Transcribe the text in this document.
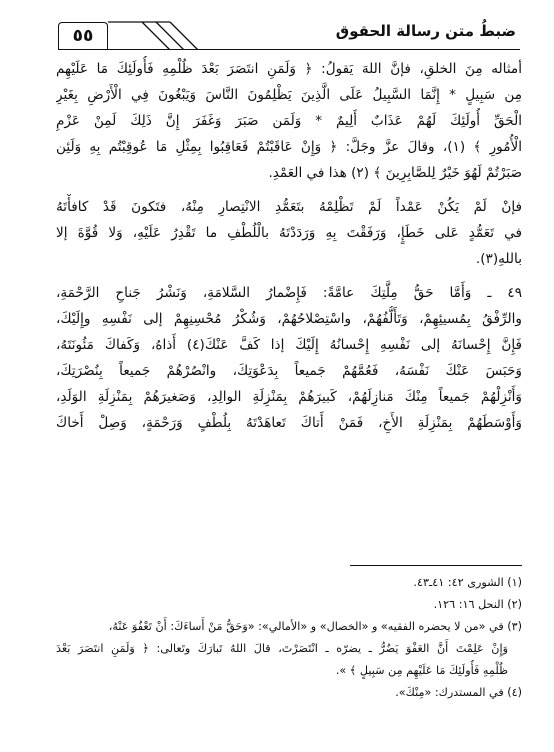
٥٥	ضبطُ متن رسالة الحقوق
أمثاله مِنَ الخلقِ، فإنَّ اللهَ يَقولُ: ﴿ وَلَمَنِ انتَصَرَ بَعْدَ ظُلْمِهِ فَأُولَئِكَ مَا عَلَيْهِم
مِن سَبِيلٍ * إِنَّمَا السَّبِيلُ عَلَى الَّذِينَ يَظْلِمُونَ النَّاسَ وَيَبْغُونَ فِي الْأَرْضِ بِغَيْرِ
الْحَقِّ أُولَئِكَ لَهُمْ عَذَابٌ أَلِيمٌ * وَلَمَن صَبَرَ وَغَفَرَ إِنَّ ذَلِكَ لَمِنْ عَزْمِ
الْأُمُورِ ﴾ (١)، وقالَ عزَّ وجَلَّ: ﴿ وَإِنْ عَاقَبْتُمْ فَعَاقِبُوا بِمِثْلِ مَا عُوقِبْتُم بِهِ وَلَئِن
صَبَرْتُمْ لَهُوَ خَيْرٌ لِلصَّابِرِينَ ﴾ (٢) هذا في العَمْدِ.
فإنْ لَمْ يَكُنْ عَمْداً لَمْ تَظْلِمْهُ بتَعَمُّدِ الانْتِصارِ مِنْهُ، فتَكونَ قَدْ كافأْتَهُ
في تَعَمُّدٍ عَلى خَطَإٍ، وَرَفَقْتَ بِهِ وَرَدَدْتَهُ بالْلُطْفِ ما تَقْدِرُ عَلَيْهِ، وَلا قُوَّةَ إلا
باللهِ(٣).
٤٩ ـ وَأَمَّا حَقُّ مِلَّتِكَ عامَّةً: فَإِضْمارُ السَّلامَةِ، وَنَشْرُ جَناحِ الرَّحْمَةِ،
والرِّفْقُ بِمُسيئِهِمْ، وَتَأَلُّفُهُمْ، واسْتِصْلاحُهُمْ، وَشُكْرُ مُحْسِنِهِمْ إلى نَفْسِهِ وإِلَيْكَ،
فَإِنَّ إِحْسانَهُ إلى نَفْسِهِ إِحْسانُهُ إِلَيْكَ إذا كَفَّ عَنْكَ(٤) أَذاهُ، وَكَفاكَ مَئُونَتَهُ،
وَحَبَسَ عَنْكَ نَفْسَهُ، فَعُمَّهُمْ جَميعاً بِدَعْوَتِكَ، وانْصُرْهُمْ جَميعاً بِنُصْرَتِكَ،
وَأَنْزِلْهُمْ جَميعاً مِنْكَ مَنازِلَهُمْ، كَبيرَهُمْ بِمَنْزِلَةِ الوالِدِ، وَصَغيرَهُمْ بِمَنْزِلَةِ الوَلَدِ،
وَأَوْسَطَهُمْ بِمَنْزِلَةِ الأَخِ، فَمَنْ أَتاكَ تَعاهَدْتَهُ بِلُطْفٍ وَرَحْمَةٍ، وَصِلْ أَخاكَ
(١) الشورى ٤٢: ٤١ـ٤٣.
(٢) النحل ١٦: ١٢٦.
(٣) في «من لا يحضره الفقيه» و «الخصال» و «الأمالي»: «وَحَقُّ مَنْ أَساءَكَ: أَنْ تَعْفُوَ عَنْهُ،
وَإِنْ عَلِمْتَ أَنَّ العَفْوَ يَضُرُّ ـ يضرّه ـ انْتَصَرْتَ، قالَ اللهُ تَبارَكَ وتَعالى: ﴿ وَلَمَنِ انتَصَرَ بَعْدَ
ظُلْمِهِ فَأُولَئِكَ مَا عَلَيْهِم مِن سَبِيلٍ ﴾ ».
(٤) في المستدرك: «مِنْكَ».
